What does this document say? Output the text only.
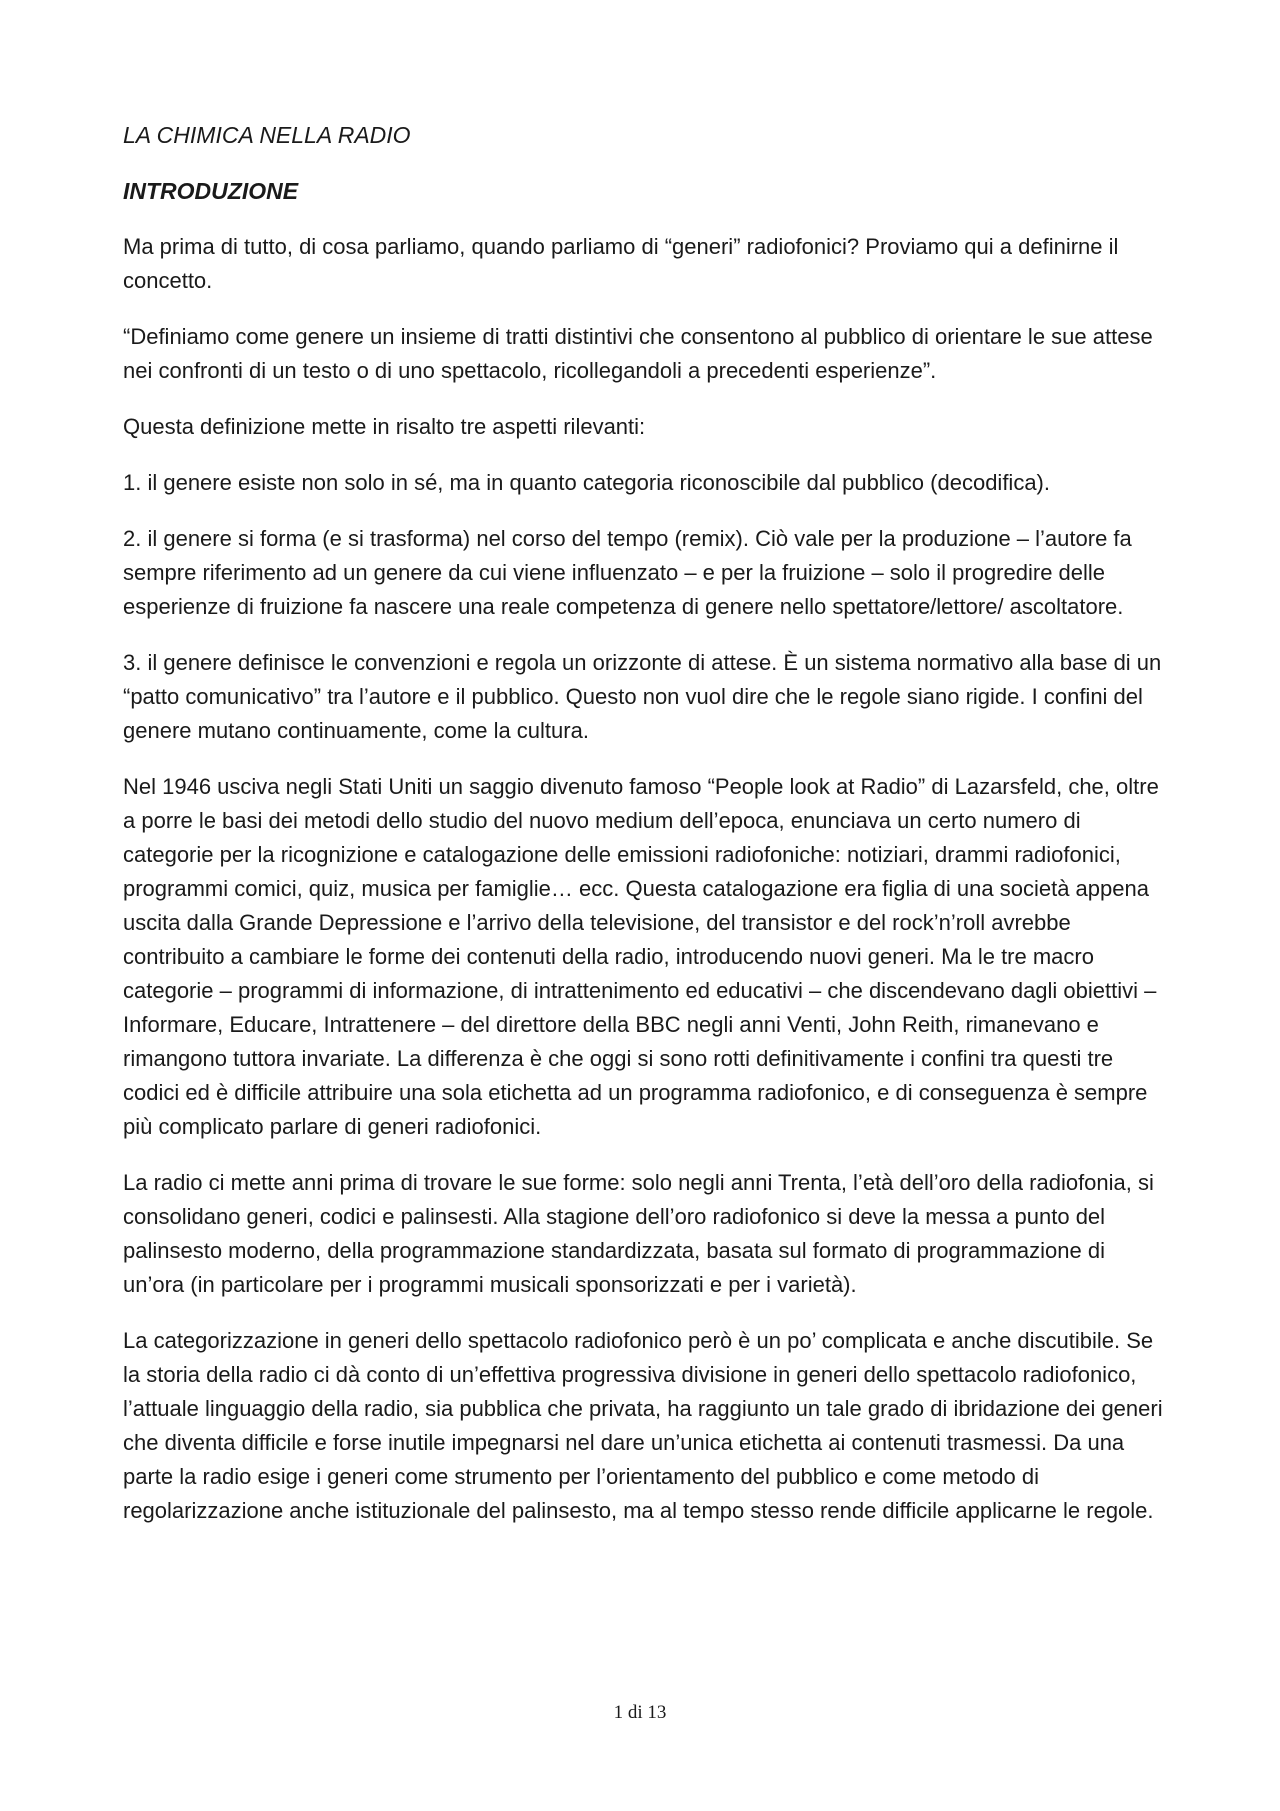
LA CHIMICA NELLA RADIO
INTRODUZIONE

Ma prima di tutto, di cosa parliamo, quando parliamo di “generi” radiofonici? Proviamo qui a definirne il concetto.

“Definiamo come genere un insieme di tratti distintivi che consentono al pubblico di orientare le sue attese nei confronti di un testo o di uno spettacolo, ricollegandoli a precedenti esperienze”.

Questa definizione mette in risalto tre aspetti rilevanti:

1. il genere esiste non solo in sé, ma in quanto categoria riconoscibile dal pubblico (decodifica).

2. il genere si forma (e si trasforma) nel corso del tempo (remix). Ciò vale per la produzione – l’autore fa sempre riferimento ad un genere da cui viene influenzato – e per la fruizione – solo il progredire delle esperienze di fruizione fa nascere una reale competenza di genere nello spettatore/lettore/ ascoltatore.

3. il genere definisce le convenzioni e regola un orizzonte di attese. È un sistema normativo alla base di un “patto comunicativo” tra l’autore e il pubblico. Questo non vuol dire che le regole siano rigide. I confini del genere mutano continuamente, come la cultura.

Nel 1946 usciva negli Stati Uniti un saggio divenuto famoso “People look at Radio” di Lazarsfeld, che, oltre a porre le basi dei metodi dello studio del nuovo medium dell’epoca, enunciava un certo numero di categorie per la ricognizione e catalogazione delle emissioni radiofoniche: notiziari, drammi radiofonici, programmi comici, quiz, musica per famiglie… ecc. Questa catalogazione era figlia di una società appena uscita dalla Grande Depressione e l’arrivo della televisione, del transistor e del rock’n’roll avrebbe contribuito a cambiare le forme dei contenuti della radio, introducendo nuovi generi. Ma le tre macro categorie – programmi di informazione, di intrattenimento ed educativi – che discendevano dagli obiettivi – Informare, Educare, Intrattenere – del direttore della BBC negli anni Venti, John Reith, rimanevano e rimangono tuttora invariate. La differenza è che oggi si sono rotti definitivamente i confini tra questi tre codici ed è difficile attribuire una sola etichetta ad un programma radiofonico, e di conseguenza è sempre più complicato parlare di generi radiofonici.

La radio ci mette anni prima di trovare le sue forme: solo negli anni Trenta, l’età dell’oro della radiofonia, si consolidano generi, codici e palinsesti. Alla stagione dell’oro radiofonico si deve la messa a punto del palinsesto moderno, della programmazione standardizzata, basata sul formato di programmazione di un’ora (in particolare per i programmi musicali sponsorizzati e per i varietà).

La categorizzazione in generi dello spettacolo radiofonico però è un po’ complicata e anche discutibile. Se la storia della radio ci dà conto di un’effettiva progressiva divisione in generi dello spettacolo radiofonico, l’attuale linguaggio della radio, sia pubblica che privata, ha raggiunto un tale grado di ibridazione dei generi che diventa difficile e forse inutile impegnarsi nel dare un’unica etichetta ai contenuti trasmessi. Da una parte la radio esige i generi come strumento per l’orientamento del pubblico e come metodo di regolarizzazione anche istituzionale del palinsesto, ma al tempo stesso rende difficile applicarne le regole.

1 di 13
